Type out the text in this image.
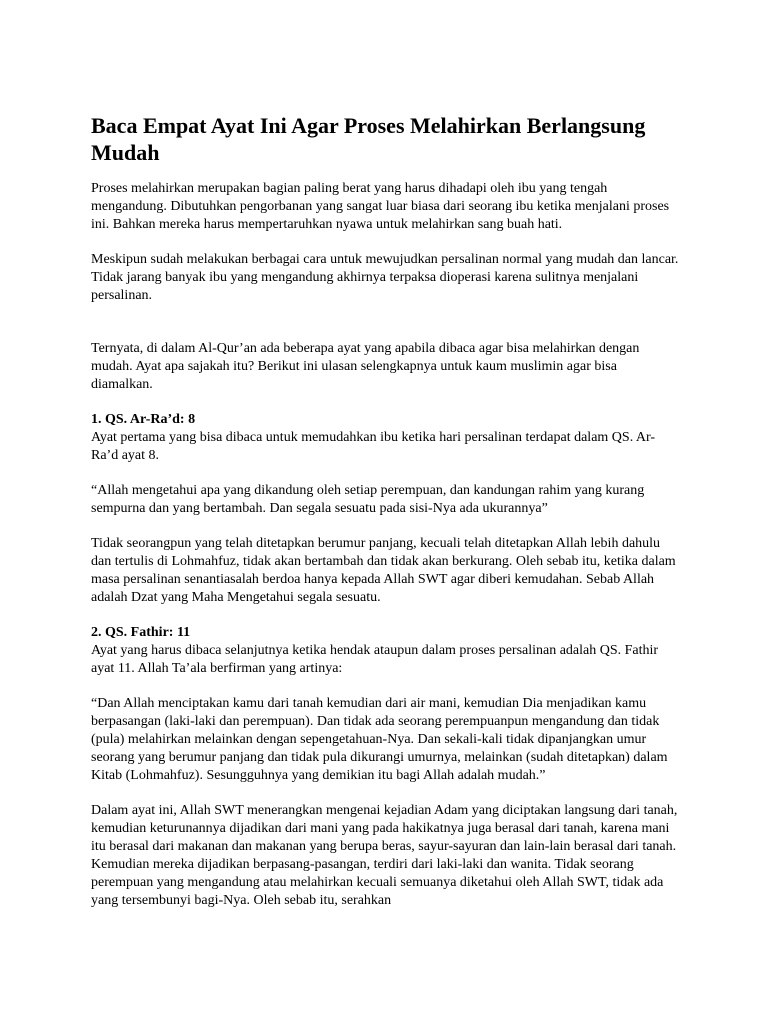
Baca Empat Ayat Ini Agar Proses Melahirkan Berlangsung Mudah

Proses melahirkan merupakan bagian paling berat yang harus dihadapi oleh ibu yang tengah mengandung. Dibutuhkan pengorbanan yang sangat luar biasa dari seorang ibu ketika menjalani proses ini. Bahkan mereka harus mempertaruhkan nyawa untuk melahirkan sang buah hati.

Meskipun sudah melakukan berbagai cara untuk mewujudkan persalinan normal yang mudah dan lancar. Tidak jarang banyak ibu yang mengandung akhirnya terpaksa dioperasi karena sulitnya menjalani persalinan.

Ternyata, di dalam Al-Qur’an ada beberapa ayat yang apabila dibaca agar bisa melahirkan dengan mudah. Ayat apa sajakah itu? Berikut ini ulasan selengkapnya untuk kaum muslimin agar bisa diamalkan.

1. QS. Ar-Ra’d: 8

Ayat pertama yang bisa dibaca untuk memudahkan ibu ketika hari persalinan terdapat dalam QS. Ar-Ra’d ayat 8.

“Allah mengetahui apa yang dikandung oleh setiap perempuan, dan kandungan rahim yang kurang sempurna dan yang bertambah. Dan segala sesuatu pada sisi-Nya ada ukurannya”

Tidak seorangpun yang telah ditetapkan berumur panjang, kecuali telah ditetapkan Allah lebih dahulu dan tertulis di Lohmahfuz, tidak akan bertambah dan tidak akan berkurang. Oleh sebab itu, ketika dalam masa persalinan senantiasalah berdoa hanya kepada Allah SWT agar diberi kemudahan. Sebab Allah adalah Dzat yang Maha Mengetahui segala sesuatu.

2. QS. Fathir: 11

Ayat yang harus dibaca selanjutnya ketika hendak ataupun dalam proses persalinan adalah QS. Fathir ayat 11. Allah Ta’ala berfirman yang artinya:

“Dan Allah menciptakan kamu dari tanah kemudian dari air mani, kemudian Dia menjadikan kamu berpasangan (laki-laki dan perempuan). Dan tidak ada seorang perempuanpun mengandung dan tidak (pula) melahirkan melainkan dengan sepengetahuan-Nya. Dan sekali-kali tidak dipanjangkan umur seorang yang berumur panjang dan tidak pula dikurangi umurnya, melainkan (sudah ditetapkan) dalam Kitab (Lohmahfuz). Sesungguhnya yang demikian itu bagi Allah adalah mudah.”

Dalam ayat ini, Allah SWT menerangkan mengenai kejadian Adam yang diciptakan langsung dari tanah, kemudian keturunannya dijadikan dari mani yang pada hakikatnya juga berasal dari tanah, karena mani itu berasal dari makanan dan makanan yang berupa beras, sayur-sayuran dan lain-lain berasal dari tanah. Kemudian mereka dijadikan berpasang-pasangan, terdiri dari laki-laki dan wanita. Tidak seorang perempuan yang mengandung atau melahirkan kecuali semuanya diketahui oleh Allah SWT, tidak ada yang tersembunyi bagi-Nya. Oleh sebab itu, serahkan
